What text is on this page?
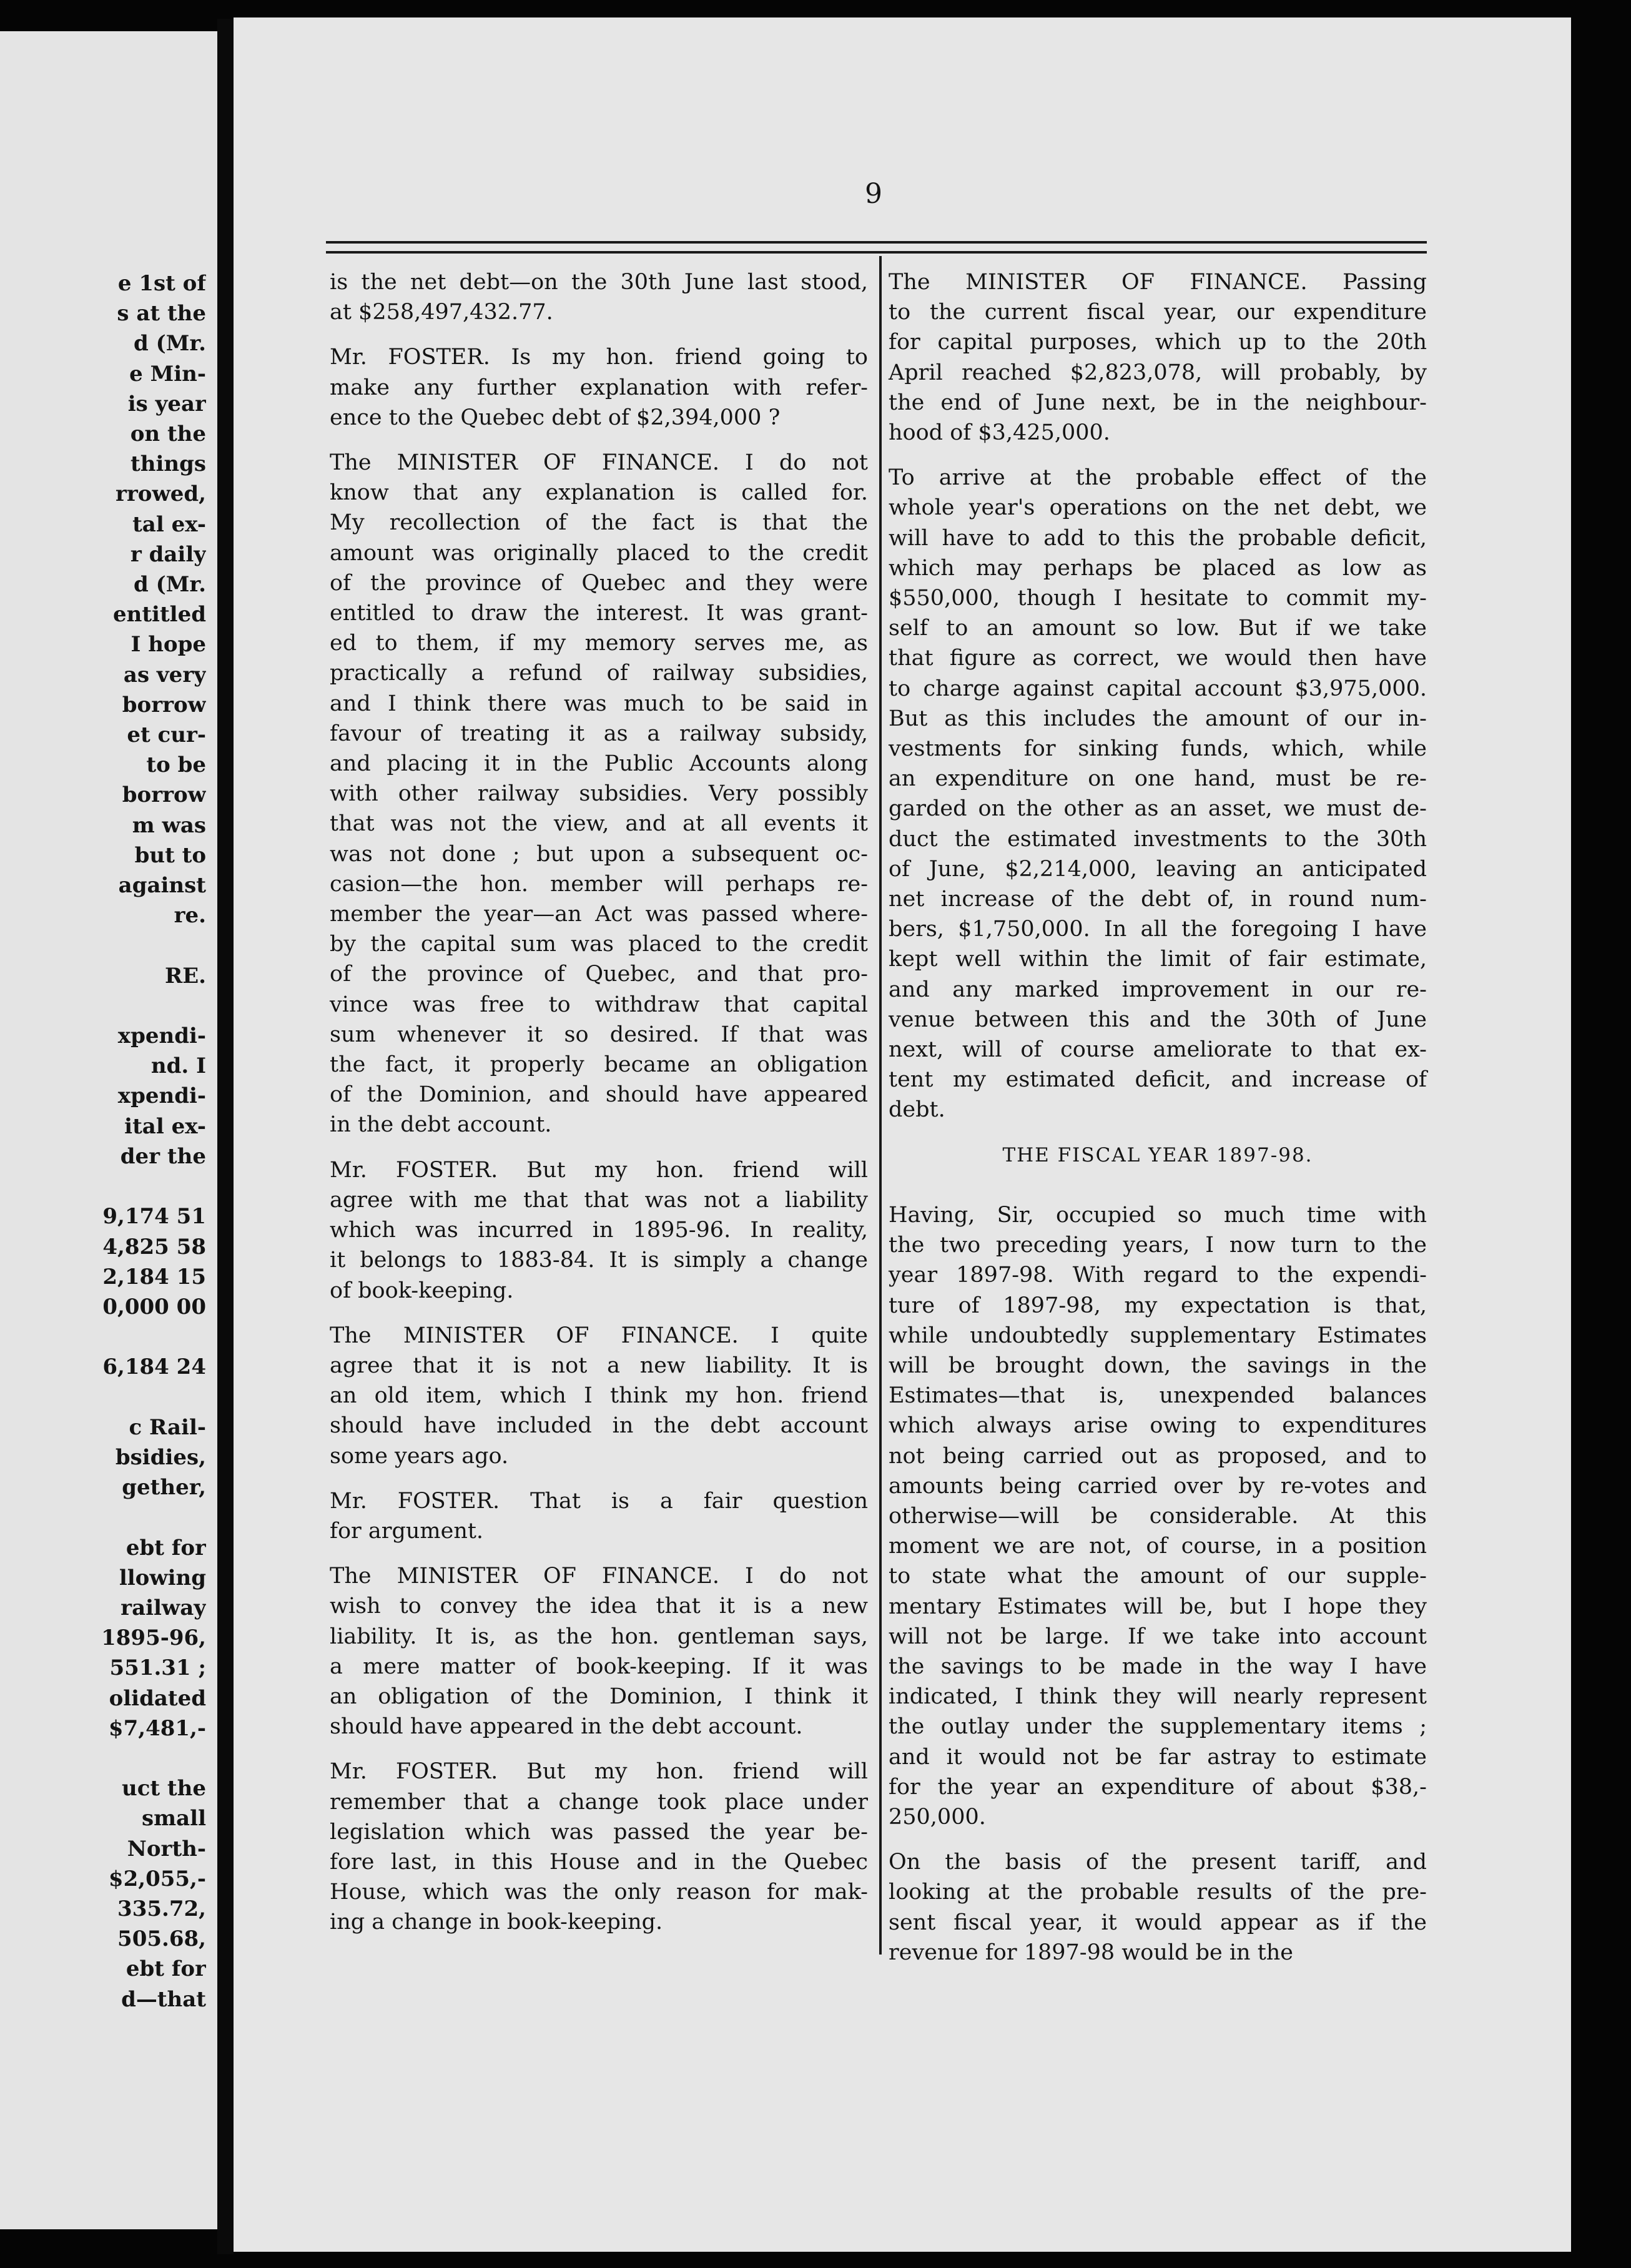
e 1st of
s at the
d (Mr.
e Min-
is year
on the
things
rrowed,
tal ex-
r daily
d (Mr.
entitled
I hope
as very
borrow
et cur-
to be
borrow
m was
but to
against
re.

RE.

xpendi-
nd. I
xpendi-
ital ex-
der the

9,174 51
4,825 58
2,184 15
0,000 00

6,184 24

c Rail-
bsidies,
gether,

ebt for
llowing
railway
1895-96,
551.31 ;
olidated
$7,481,-

uct the
small
North-
$2,055,-
335.72,
505.68,
ebt for
d—that
9

is the net debt—on the 30th June last stood,

at $258,497,432.77.

Mr. FOSTER. Is my hon. friend going to

make any further explanation with refer-

ence to the Quebec debt of $2,394,000 ?

The MINISTER OF FINANCE. I do not

know that any explanation is called for.

My recollection of the fact is that the

amount was originally placed to the credit

of the province of Quebec and they were

entitled to draw the interest. It was grant-

ed to them, if my memory serves me, as

practically a refund of railway subsidies,

and I think there was much to be said in

favour of treating it as a railway subsidy,

and placing it in the Public Accounts along

with other railway subsidies. Very possibly

that was not the view, and at all events it

was not done ; but upon a subsequent oc-

casion—the hon. member will perhaps re-

member the year—an Act was passed where-

by the capital sum was placed to the credit

of the province of Quebec, and that pro-

vince was free to withdraw that capital

sum whenever it so desired. If that was

the fact, it properly became an obligation

of the Dominion, and should have appeared

in the debt account.

Mr. FOSTER. But my hon. friend will

agree with me that that was not a liability

which was incurred in 1895-96. In reality,

it belongs to 1883-84. It is simply a change

of book-keeping.

The MINISTER OF FINANCE. I quite

agree that it is not a new liability. It is

an old item, which I think my hon. friend

should have included in the debt account

some years ago.

Mr. FOSTER. That is a fair question

for argument.

The MINISTER OF FINANCE. I do not

wish to convey the idea that it is a new

liability. It is, as the hon. gentleman says,

a mere matter of book-keeping. If it was

an obligation of the Dominion, I think it

should have appeared in the debt account.

Mr. FOSTER. But my hon. friend will

remember that a change took place under

legislation which was passed the year be-

fore last, in this House and in the Quebec

House, which was the only reason for mak-

ing a change in book-keeping.

The MINISTER OF FINANCE. Passing

to the current fiscal year, our expenditure

for capital purposes, which up to the 20th

April reached $2,823,078, will probably, by

the end of June next, be in the neighbour-

hood of $3,425,000.

To arrive at the probable effect of the

whole year's operations on the net debt, we

will have to add to this the probable deficit,

which may perhaps be placed as low as

$550,000, though I hesitate to commit my-

self to an amount so low. But if we take

that figure as correct, we would then have

to charge against capital account $3,975,000.

But as this includes the amount of our in-

vestments for sinking funds, which, while

an expenditure on one hand, must be re-

garded on the other as an asset, we must de-

duct the estimated investments to the 30th

of June, $2,214,000, leaving an anticipated

net increase of the debt of, in round num-

bers, $1,750,000. In all the foregoing I have

kept well within the limit of fair estimate,

and any marked improvement in our re-

venue between this and the 30th of June

next, will of course ameliorate to that ex-

tent my estimated deficit, and increase of

debt.

THE FISCAL YEAR 1897-98.

Having, Sir, occupied so much time with

the two preceding years, I now turn to the

year 1897-98. With regard to the expendi-

ture of 1897-98, my expectation is that,

while undoubtedly supplementary Estimates

will be brought down, the savings in the

Estimates—that is, unexpended balances

which always arise owing to expenditures

not being carried out as proposed, and to

amounts being carried over by re-votes and

otherwise—will be considerable. At this

moment we are not, of course, in a position

to state what the amount of our supple-

mentary Estimates will be, but I hope they

will not be large. If we take into account

the savings to be made in the way I have

indicated, I think they will nearly represent

the outlay under the supplementary items ;

and it would not be far astray to estimate

for the year an expenditure of about $38,-

250,000.

On the basis of the present tariff, and

looking at the probable results of the pre-

sent fiscal year, it would appear as if the

revenue for 1897-98 would be in the
